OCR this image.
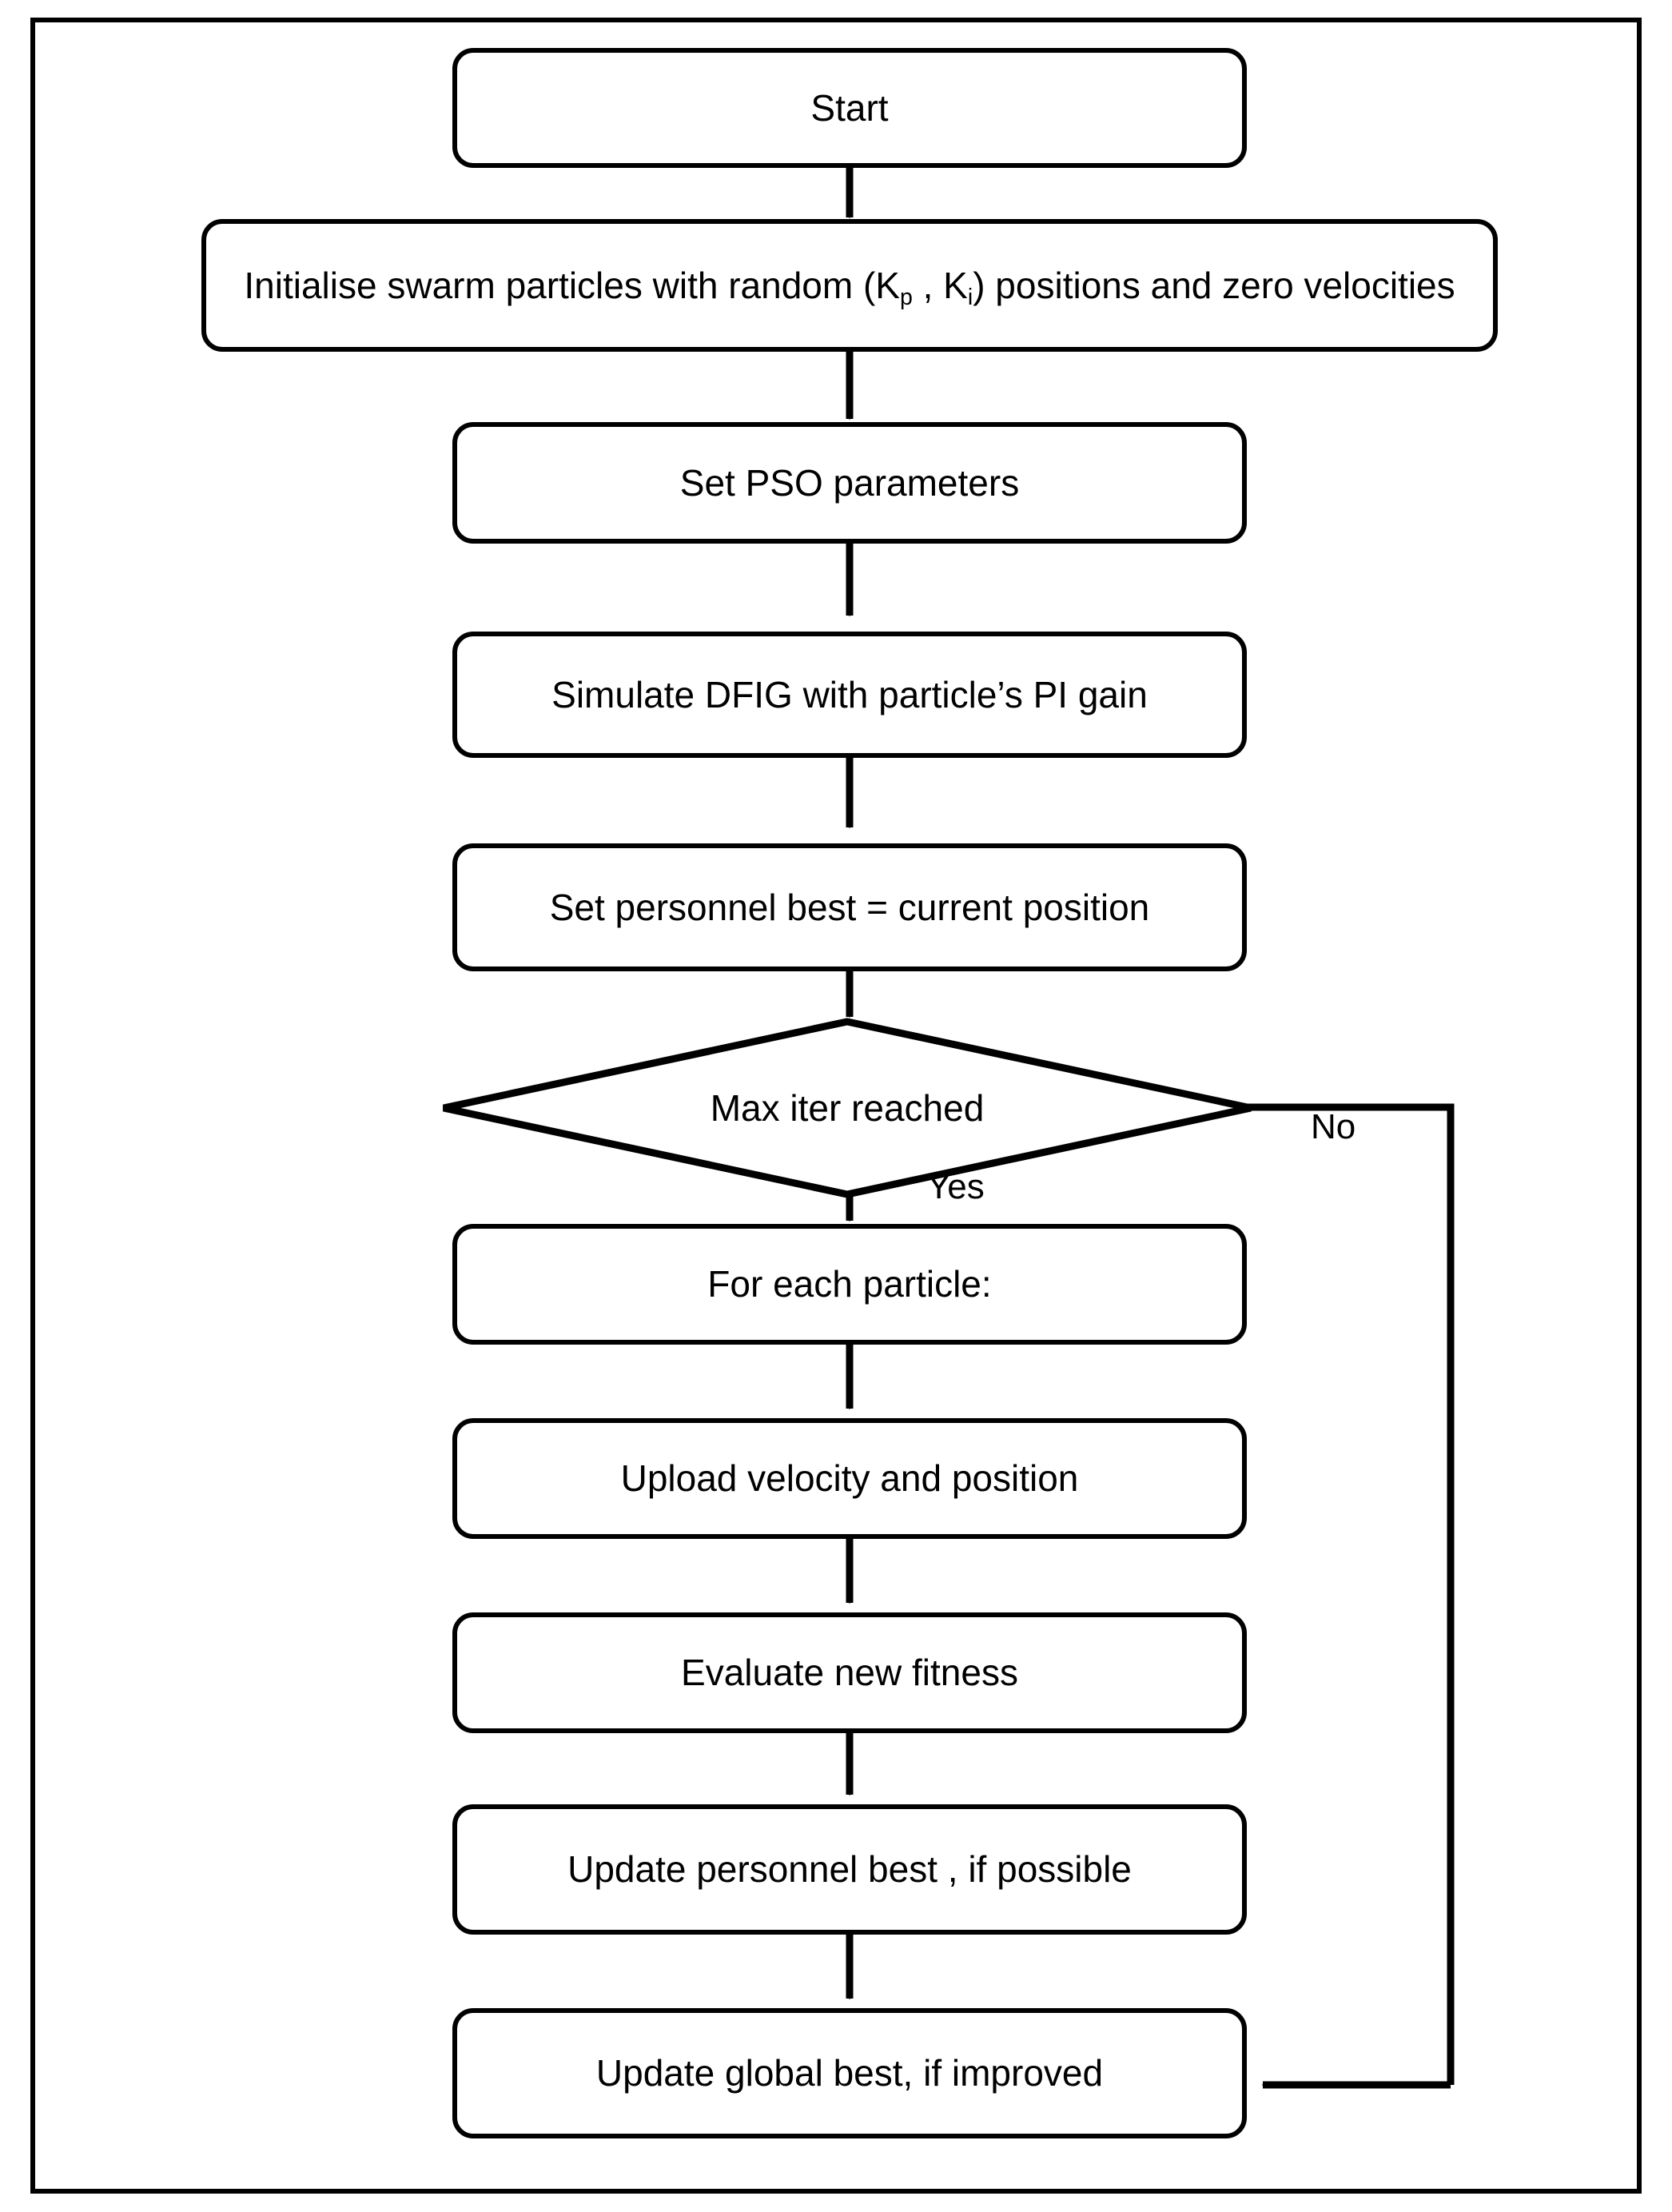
Start
Initialise swarm particles with random ($K_p$ , $K_i$) positions and zero velocities
Set PSO parameters
Simulate DFIG with particle’s PI gain
Set personnel best = current position
Max iter reached
Yes
No
For each particle:
Upload velocity and position
Evaluate new fitness
Update personnel best , if possible
Update global best, if improved
